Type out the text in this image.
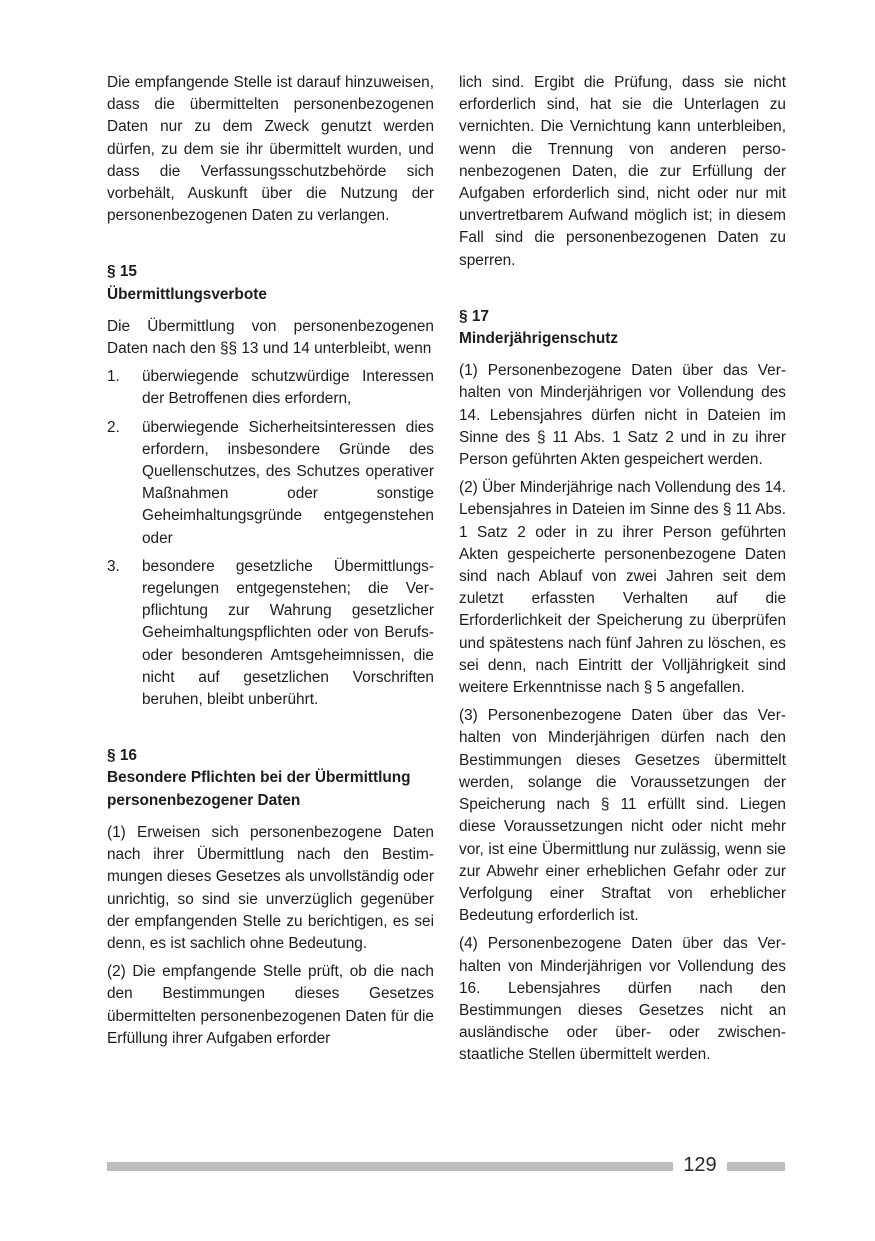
Die empfangende Stelle ist darauf hinzuweisen, dass die übermittelten personenbezogenen Daten nur zu dem Zweck genutzt werden dürfen, zu dem sie ihr übermittelt wurden, und dass die Verfassungsschutzbehörde sich vorbehält, Auskunft über die Nutzung der personenbezogenen Daten zu verlangen.

§ 15

Übermittlungsverbote

Die Übermittlung von personenbezogenen Daten nach den §§ 13 und 14 unterbleibt, wenn

1. überwiegende schutzwürdige Interessen der Betroffenen dies erfordern,
2. überwiegende Sicherheitsinteressen dies erfordern, insbesondere Gründe des Quellenschutzes, des Schutzes operativer Maßnahmen oder sonstige Geheimhaltungsgründe entgegenstehen oder
3. besondere gesetzliche Übermittlungsregelungen entgegenstehen; die Verpflichtung zur Wahrung gesetzlicher Geheimhaltungspflichten oder von Berufs- oder besonderen Amtsgeheimnissen, die nicht auf gesetzlichen Vorschriften beruhen, bleibt unberührt.

§ 16

Besondere Pflichten bei der Übermittlung personenbezogener Daten

(1) Erweisen sich personenbezogene Daten nach ihrer Übermittlung nach den Bestimmungen dieses Gesetzes als unvollständig oder unrichtig, so sind sie unverzüglich gegenüber der empfangenden Stelle zu berichtigen, es sei denn, es ist sachlich ohne Bedeutung.

(2) Die empfangende Stelle prüft, ob die nach den Bestimmungen dieses Gesetzes übermittelten personenbezogenen Daten für die Erfüllung ihrer Aufgaben erforder

lich sind. Ergibt die Prüfung, dass sie nicht erforderlich sind, hat sie die Unterlagen zu vernichten. Die Vernichtung kann unterbleiben, wenn die Trennung von anderen personenbezogenen Daten, die zur Erfüllung der Aufgaben erforderlich sind, nicht oder nur mit unvertretbarem Aufwand möglich ist; in diesem Fall sind die personenbezogenen Daten zu sperren.

§ 17

Minderjährigenschutz

(1) Personenbezogene Daten über das Verhalten von Minderjährigen vor Vollendung des 14. Lebensjahres dürfen nicht in Dateien im Sinne des § 11 Abs. 1 Satz 2 und in zu ihrer Person geführten Akten gespeichert werden.

(2) Über Minderjährige nach Vollendung des 14. Lebensjahres in Dateien im Sinne des § 11 Abs. 1 Satz 2 oder in zu ihrer Person geführten Akten gespeicherte personenbezogene Daten sind nach Ablauf von zwei Jahren seit dem zuletzt erfassten Verhalten auf die Erforderlichkeit der Speicherung zu überprüfen und spätestens nach fünf Jahren zu löschen, es sei denn, nach Eintritt der Volljährigkeit sind weitere Erkenntnisse nach § 5 angefallen.

(3) Personenbezogene Daten über das Verhalten von Minderjährigen dürfen nach den Bestimmungen dieses Gesetzes übermittelt werden, solange die Voraussetzungen der Speicherung nach § 11 erfüllt sind. Liegen diese Voraussetzungen nicht oder nicht mehr vor, ist eine Übermittlung nur zulässig, wenn sie zur Abwehr einer erheblichen Gefahr oder zur Verfolgung einer Straftat von erheblicher Bedeutung erforderlich ist.

(4) Personenbezogene Daten über das Verhalten von Minderjährigen vor Vollendung des 16. Lebensjahres dürfen nach den Bestimmungen dieses Gesetzes nicht an ausländische oder über- oder zwischenstaatliche Stellen übermittelt werden.

129
